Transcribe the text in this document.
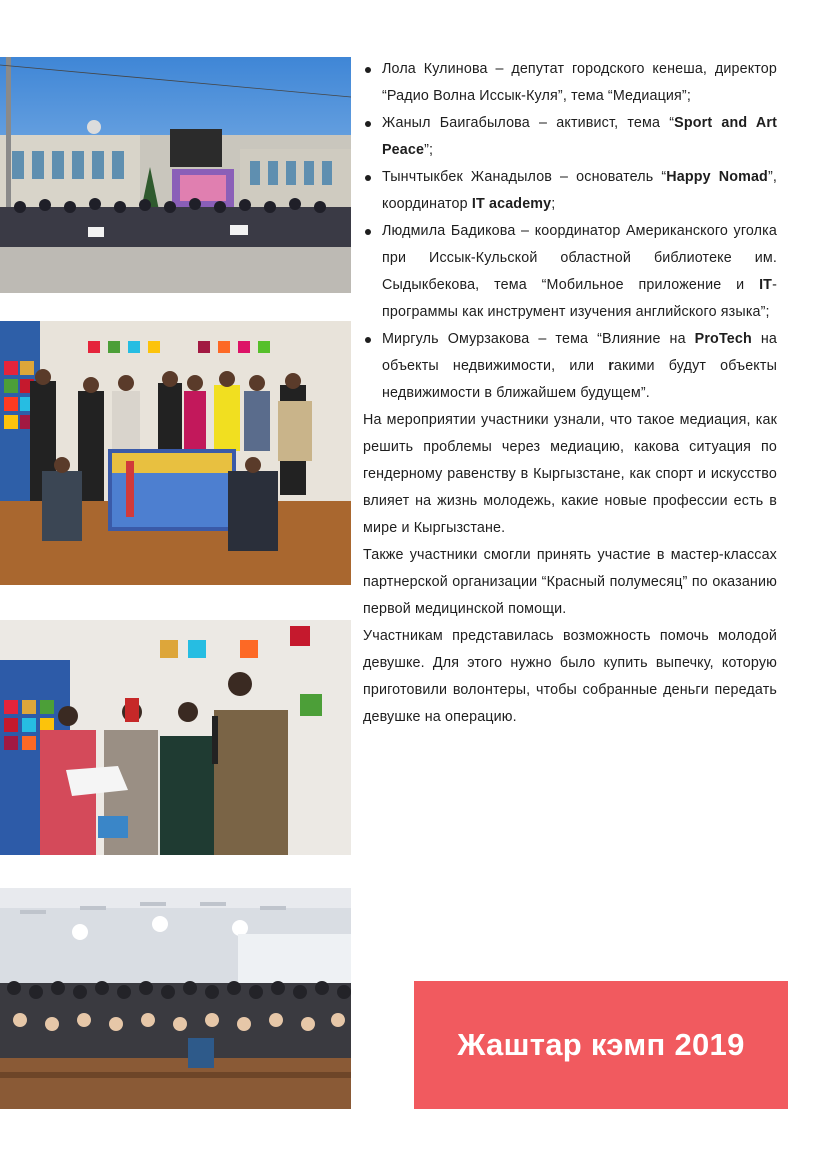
Лола Кулинова – депутат городского кенеша, директор “Радио Волна Иссык-Куля”, тема “Медиация”;
Жаныл Баигабылова – активист, тема “Sport and Art Peace”;
Тынчтыкбек Жанадылов – основатель “Happy Nomad”, координатор IT academy;
Людмила Бадикова – координатор Американского уголка при Иссык-Кульской областной библиотеке им. Сыдыкбекова, тема “Мобильное приложение и IT-программы как инструмент изучения английского языка”;
Миргуль Омурзакова – тема “Влияние на ProTech на объекты недвижимости, или rакими будут объекты недвижимости в ближайшем будущем”.

На мероприятии участники узнали, что такое медиация, как решить проблемы через медиацию, какова ситуация по гендерному равенству в Кыргызстане, как спорт и искусство влияет на жизнь молодежь, какие новые профессии есть в мире и Кыргызстане.

Также участники смогли принять участие в мастер-классах партнерской организации “Красный полумесяц” по оказанию первой медицинской помощи.

Участникам представилась возможность помочь молодой девушке. Для этого нужно было купить выпечку, которую приготовили волонтеры, чтобы собранные деньги передать девушке на операцию.

Жаштар кэмп 2019
